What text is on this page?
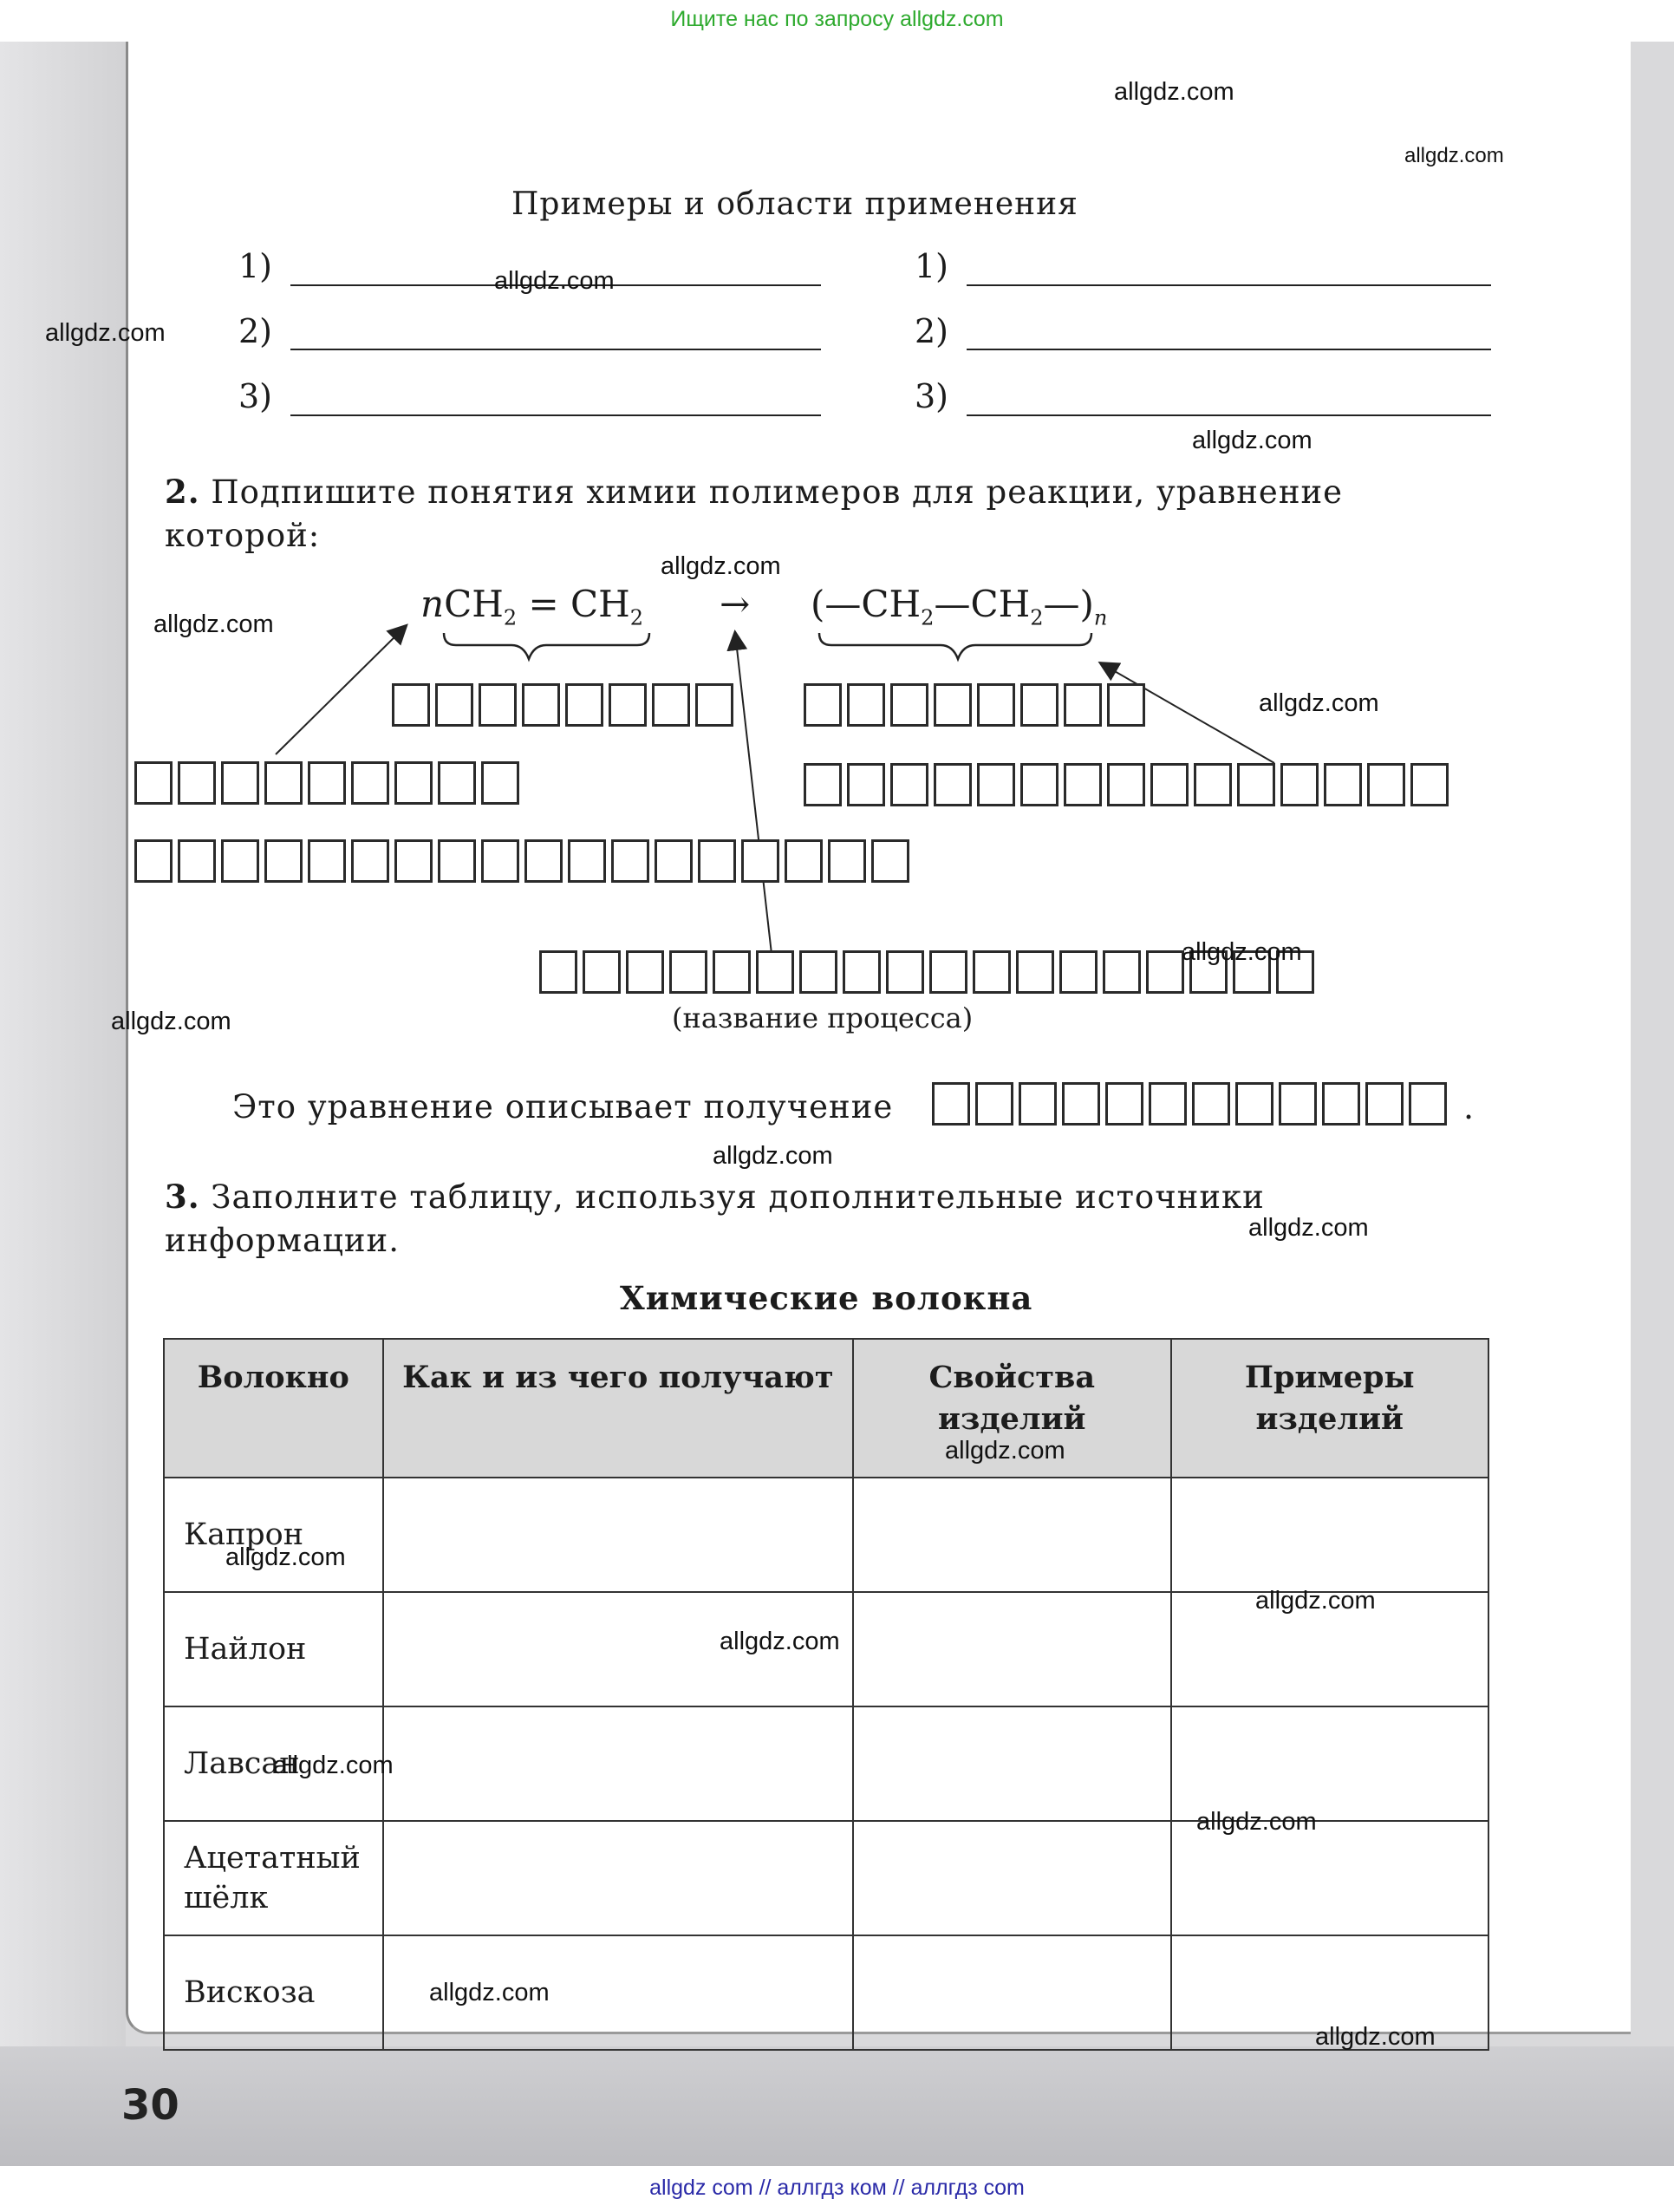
Ищите нас по запросу allgdz.com
30
Примеры и области применения
1)
2)
3)
1)
2)
3)
2. Подпишите понятия химии полимеров для реакции, уравнение которой:
$nCH_2 = CH_2$ → $(—CH_2—CH_2—)_n$
(название процесса)
Это уравнение описывает получение	.
3. Заполните таблицу, используя дополнительные источники информации.
Химические волокна
Волокно	Как и из чего получают	Свойства изделий	Примеры изделий
Капрон			
Найлон			
Лавсан			
Ацетатный шёлк			
Вискоза			
allgdz.com
allgdz.com
allgdz.com
allgdz.com
allgdz.com
allgdz.com
allgdz.com
allgdz.com
allgdz.com
allgdz.com
allgdz.com
allgdz.com
allgdz.com
allgdz.com
allgdz.com
allgdz.com
allgdz.com
allgdz.com
allgdz.com
allgdz.com
allgdz com // аллгдз ком // аллгдз com
